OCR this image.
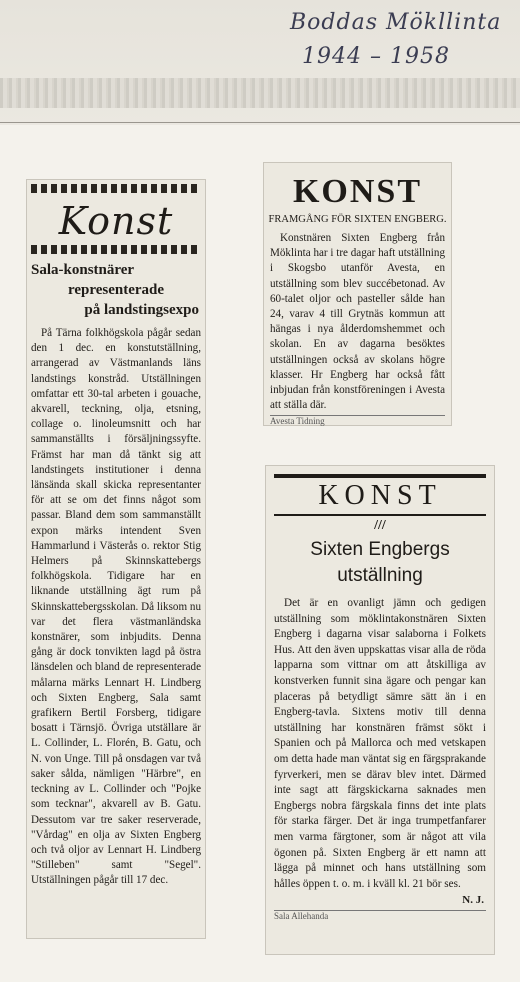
Boddas Mökllinta
1944 – 1958
Konst
Sala-konstnärer
representerade
på landstingsexpo
På Tärna folkhögskola pågår sedan den 1 dec. en konstutställning, arrangerad av Västmanlands läns landstings konstråd. Utställningen omfattar ett 30-tal arbeten i gouache, akvarell, teckning, olja, etsning, collage o. linoleumsnitt och har sammanställts i försäljningssyfte. Främst har man då tänkt sig att landstingets institutioner i denna länsända skall skicka representanter för att se om det finns något som passar. Bland dem som sammanställt expon märks intendent Sven Hammarlund i Västerås o. rektor Stig Helmers på Skinnskattebergs folkhögskola. Tidigare har en liknande utställning ägt rum på Skinnskattebergsskolan. Då liksom nu var det flera västmanländska konstnärer, som inbjudits. Denna gång är dock tonvikten lagd på östra länsdelen och bland de representerade målarna märks Lennart H. Lindberg och Sixten Engberg, Sala samt grafikern Bertil Forsberg, tidigare bosatt i Tärnsjö. Övriga utställare är L. Collinder, L. Florén, B. Gatu, och N. von Unge. Till på onsdagen var två saker sålda, nämligen "Härbre", en teckning av L. Collinder och "Pojke som tecknar", akvarell av B. Gatu. Dessutom var tre saker reserverade, "Vårdag" en olja av Sixten Engberg och två oljor av Lennart H. Lindberg "Stilleben" samt "Segel". Utställningen pågår till 17 dec.
KONST
FRAMGÅNG FÖR SIXTEN ENGBERG.
Konstnären Sixten Engberg från Möklinta har i tre dagar haft utställning i Skogsbo utanför Avesta, en utställning som blev succébetonad. Av 60-talet oljor och pasteller sålde han 24, varav 4 till Grytnäs kommun att hängas i nya ålderdomshemmet och skolan. En av dagarna besöktes utställningen också av skolans högre klasser. Hr Engberg har också fått inbjudan från konstföreningen i Avesta att ställa där.
Avesta Tidning
KONST
///
Sixten Engbergs
utställning
Det är en ovanligt jämn och gedigen utställning som möklintakonstnären Sixten Engberg i dagarna visar salaborna i Folkets Hus. Att den även uppskattas visar alla de röda lapparna som vittnar om att åtskilliga av konstverken funnit sina ägare och pengar kan placeras på betydligt sämre sätt än i en Engberg-tavla. Sixtens motiv till denna utställning har konstnären främst sökt i Spanien och på Mallorca och med vetskapen om detta hade man väntat sig en färgsprakande fyrverkeri, men se därav blev intet. Därmed inte sagt att färgskickarna saknades men Engbergs nobra färgskala finns det inte plats för starka färger. Det är inga trumpetfanfarer men varma färgtoner, som är något att vila ögonen på. Sixten Engberg är ett namn att lägga på minnet och hans utställning som hålles öppen t. o. m. i kväll kl. 21 bör ses.
N. J.
Sala Allehanda
